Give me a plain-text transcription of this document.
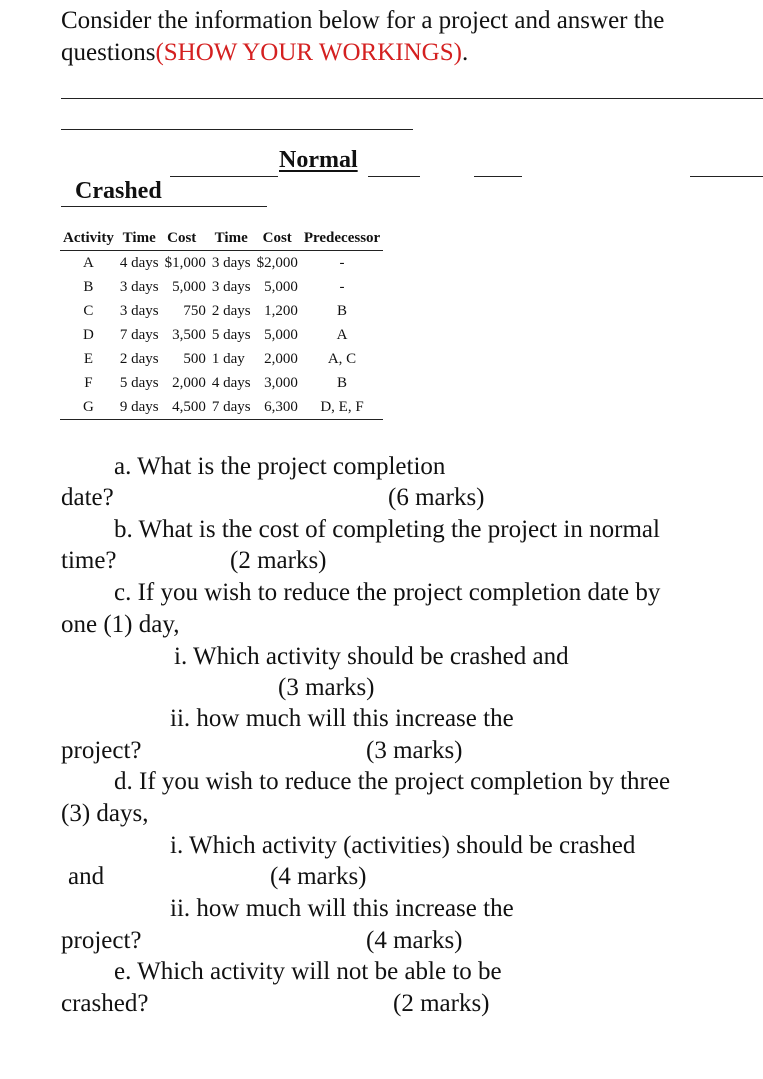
Consider the information below for a project and answer the
questions(SHOW YOUR WORKINGS).
Normal
Crashed
Activity	Time	Cost	Time	Cost	Predecessor
A	4 days	$1,000	3 days	$2,000	-
B	3 days	5,000	3 days	5,000	-
C	3 days	750	2 days	1,200	B
D	7 days	3,500	5 days	5,000	A
E	2 days	500	1 day	2,000	A, C
F	5 days	2,000	4 days	3,000	B
G	9 days	4,500	7 days	6,300	D, E, F
a. What is the project completion
date?	(6 marks)
b. What is the cost of completing the project in normal
time?	(2 marks)
c. If you wish to reduce the project completion date by
one (1) day,
i. Which activity should be crashed and
(3 marks)
ii. how much will this increase the
project?	(3 marks)
d. If you wish to reduce the project completion by three
(3) days,
i. Which activity (activities) should be crashed
and	(4 marks)
ii. how much will this increase the
project?	(4 marks)
e. Which activity will not be able to be
crashed?	(2 marks)
